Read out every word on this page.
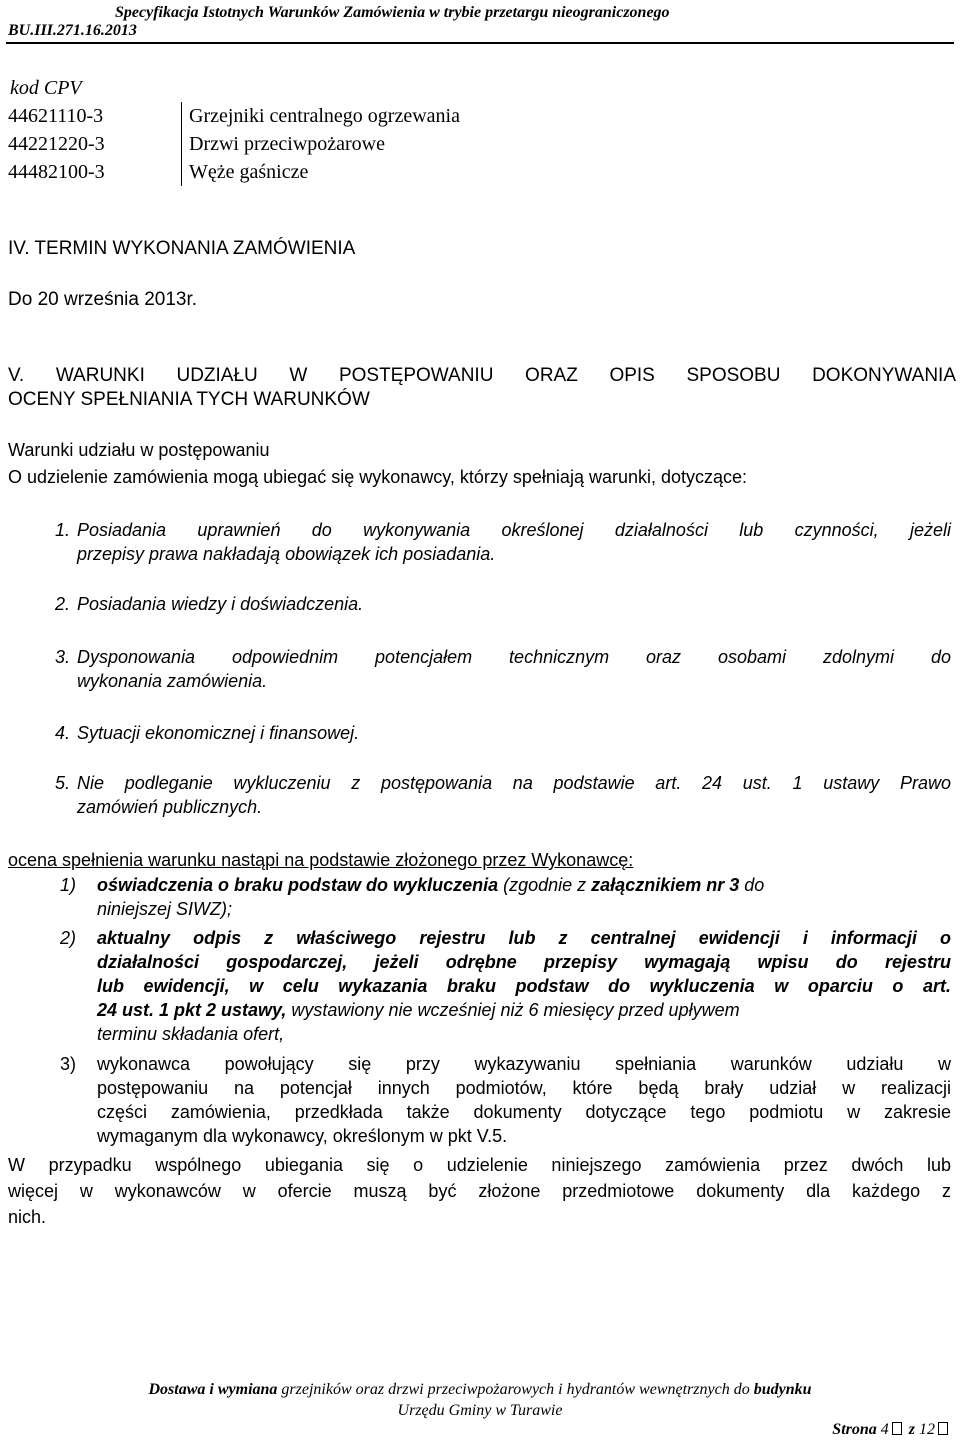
Specyfikacja Istotnych Warunków Zamówienia w trybie przetargu nieograniczonego
BU.III.271.16.2013
kod CPV
44621110-3	Grzejniki centralnego ogrzewania
44221220-3	Drzwi przeciwpożarowe
44482100-3	Węże gaśnicze
IV. TERMIN WYKONANIA ZAMÓWIENIA
Do 20 września 2013r.
V. WARUNKI UDZIAŁU W POSTĘPOWANIU ORAZ OPIS SPOSOBU DOKONYWANIA
OCENY SPEŁNIANIA TYCH WARUNKÓW
Warunki udziału w postępowaniu
O udzielenie zamówienia mogą ubiegać się wykonawcy, którzy spełniają warunki, dotyczące:
1. Posiadania uprawnień do wykonywania określonej działalności lub czynności, jeżeli
przepisy prawa nakładają obowiązek ich posiadania.
2. Posiadania wiedzy i doświadczenia.
3. Dysponowania odpowiednim potencjałem technicznym oraz osobami zdolnymi do
wykonania zamówienia.
4. Sytuacji ekonomicznej i finansowej.
5. Nie podleganie wykluczeniu z postępowania na podstawie art. 24 ust. 1 ustawy Prawo
zamówień publicznych.
ocena spełnienia warunku nastąpi na podstawie złożonego przez Wykonawcę:
1) oświadczenia o braku podstaw do wykluczenia (zgodnie z załącznikiem nr 3 do
niniejszej SIWZ);
2) aktualny odpis z właściwego rejestru lub z centralnej ewidencji i informacji o
działalności gospodarczej, jeżeli odrębne przepisy wymagają wpisu do rejestru
lub ewidencji, w celu wykazania braku podstaw do wykluczenia w oparciu o art.
24 ust. 1 pkt 2 ustawy, wystawiony nie wcześniej niż 6 miesięcy przed upływem
terminu składania ofert,
3) wykonawca powołujący się przy wykazywaniu spełniania warunków udziału w
postępowaniu na potencjał innych podmiotów, które będą brały udział w realizacji
części zamówienia, przedkłada także dokumenty dotyczące tego podmiotu w zakresie
wymaganym dla wykonawcy, określonym w pkt V.5.
W przypadku wspólnego ubiegania się o udzielenie niniejszego zamówienia przez dwóch lub
więcej w wykonawców w ofercie muszą być złożone przedmiotowe dokumenty dla każdego z
nich.
Dostawa i wymiana grzejników oraz drzwi przeciwpożarowych i hydrantów wewnętrznych do budynku
Urzędu Gminy w Turawie
Strona 4 z 12
